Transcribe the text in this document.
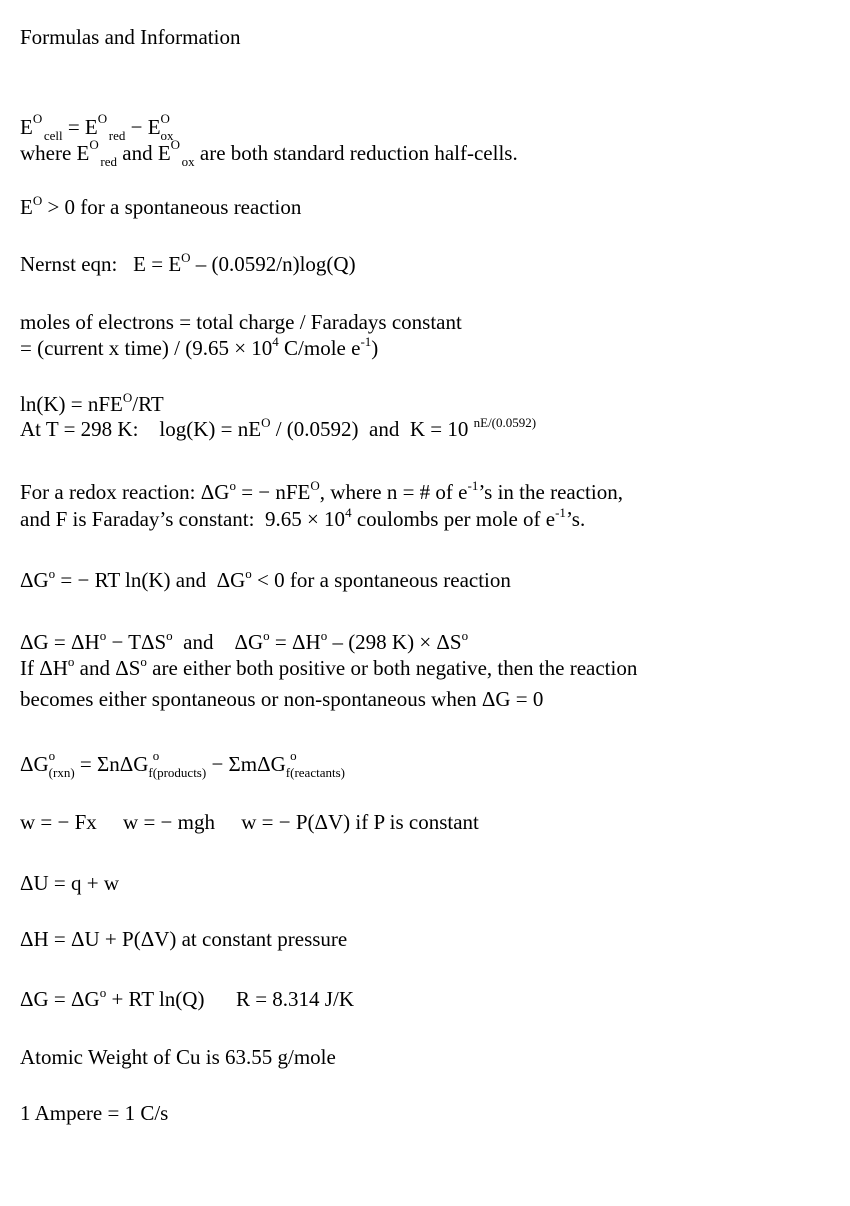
Formulas and Information
E O
$_{cell}$ = E O
$_{red}$ − E O
$_{ox}$
where E O
$_{red}$ and E O
$_{ox}$ are both standard reduction half-cells.
$E^O > 0$ for a spontaneous reaction
Nernst eqn:   $E = E^O - (0.0592/n)\log(Q)$
moles of electrons = total charge / Faradays constant
= (current x time) / ($9.65 \times 10^4$ C/mole $e^{-1}$)
ln(K) = nFE$^O$/RT
At T = 298 K:    $\log(K) = nE^O / (0.0592)$  and  K = 10 $^{nE/(0.0592)}$
For a redox reaction: $\Delta G^o$ = − nFE$^O$, where n = # of $e^{-1}’s$ in the reaction,
and F is Faraday’s constant:  $9.65 \times 10^4$ coulombs per mole of $e^{-1}’s$.
$\Delta G^o$ = − RT ln(K) and  $\Delta G^o < 0$ for a spontaneous reaction
$\Delta G = \Delta H^o - T\Delta S^o$  and    $\Delta G^o = \Delta H^o - (298$ $K) \times \Delta S^o$
If $\Delta H^o$ and $\Delta S^o$ are either both positive or both negative, then the reaction
becomes either spontaneous or non-spontaneous when ΔG = 0
ΔG o
$_{(rxn)}$ = ΣnΔG$_f$
o
$_{(products)}$ − ΣmΔG$_f$
o
$_{(reactants)}$
w = − Fx     w = − mgh     w = − P(ΔV) if P is constant
ΔU = q + w
ΔH = ΔU + P(ΔV) at constant pressure
$\Delta G = \Delta G^o$ + RT ln(Q)      R = 8.314 J/K
Atomic Weight of Cu is 63.55 g/mole
1 Ampere = 1 C/s
